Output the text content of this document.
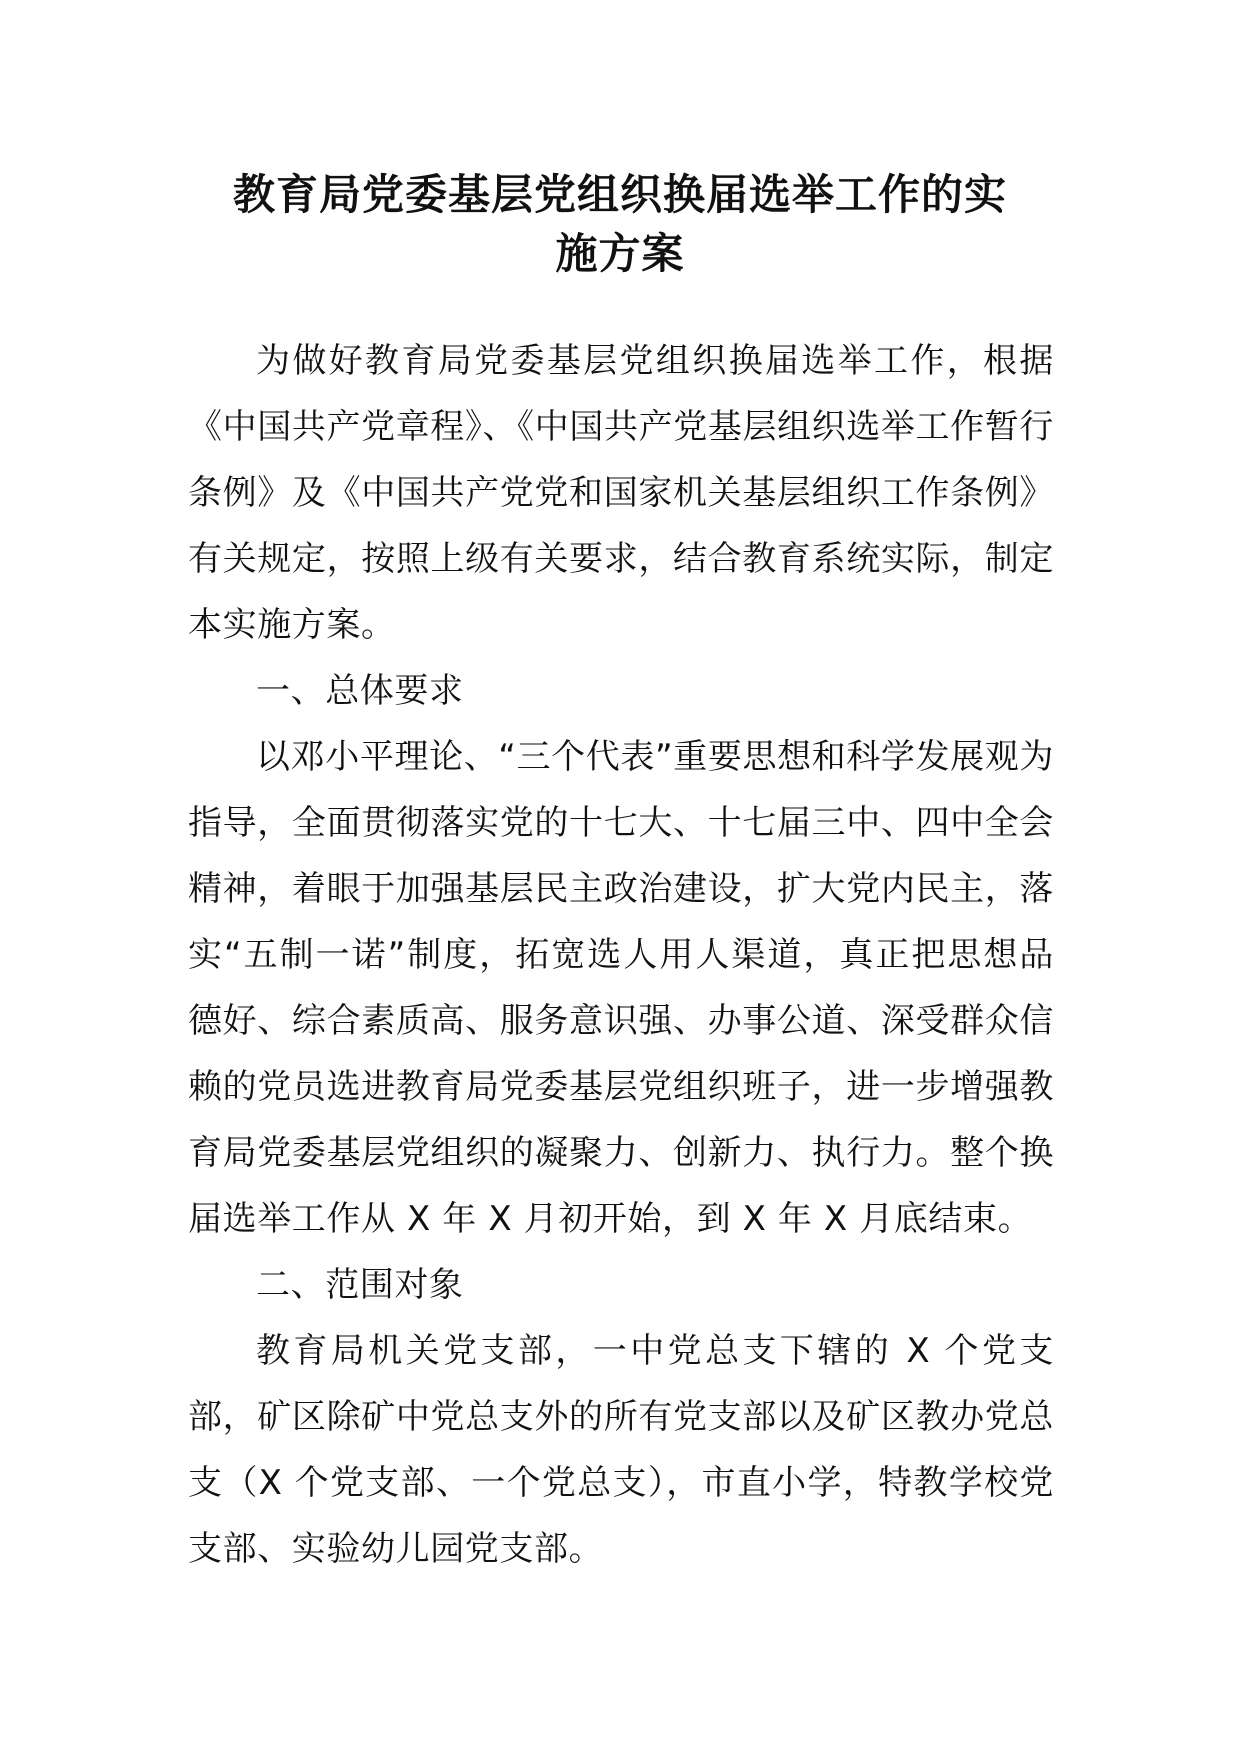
教育局党委基层党组织换届选举工作的实
施方案

为做好教育局党委基层党组织换届选举工作，根据《中国共产党章程》、《中国共产党基层组织选举工作暂行条例》及《中国共产党党和国家机关基层组织工作条例》有关规定，按照上级有关要求，结合教育系统实际，制定本实施方案。

一、总体要求

以邓小平理论、“三个代表”重要思想和科学发展观为指导，全面贯彻落实党的十七大、十七届三中、四中全会精神，着眼于加强基层民主政治建设，扩大党内民主，落实“五制一诺”制度，拓宽选人用人渠道，真正把思想品德好、综合素质高、服务意识强、办事公道、深受群众信赖的党员选进教育局党委基层党组织班子，进一步增强教育局党委基层党组织的凝聚力、创新力、执行力。整个换届选举工作从 X 年 X 月初开始，到 X 年 X 月底结束。

二、范围对象

教育局机关党支部，一中党总支下辖的 X 个党支部，矿区除矿中党总支外的所有党支部以及矿区教办党总支（X 个党支部、一个党总支），市直小学，特教学校党支部、实验幼儿园党支部。
